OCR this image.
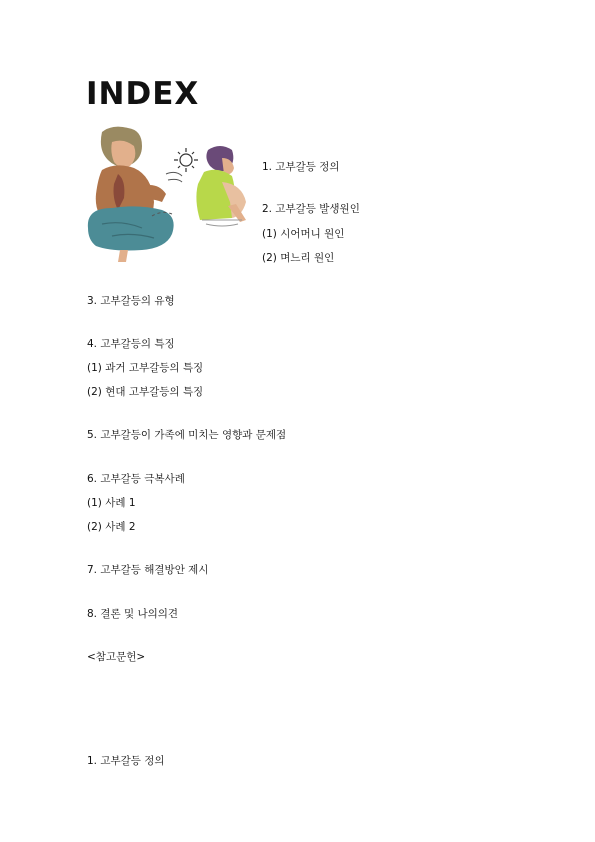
INDEX
1. 고부갈등 정의
2. 고부갈등 발생원인
(1) 시어머니 원인
(2) 며느리 원인
3. 고부갈등의 유형
4. 고부갈등의 특징
(1) 과거 고부갈등의 특징
(2) 현대 고부갈등의 특징
5. 고부갈등이 가족에 미치는 영향과 문제점
6. 고부갈등 극복사례
(1) 사례 1
(2) 사례 2
7. 고부갈등 해결방안 제시
8. 결론 및 나의의견
<참고문헌>
1. 고부갈등 정의
